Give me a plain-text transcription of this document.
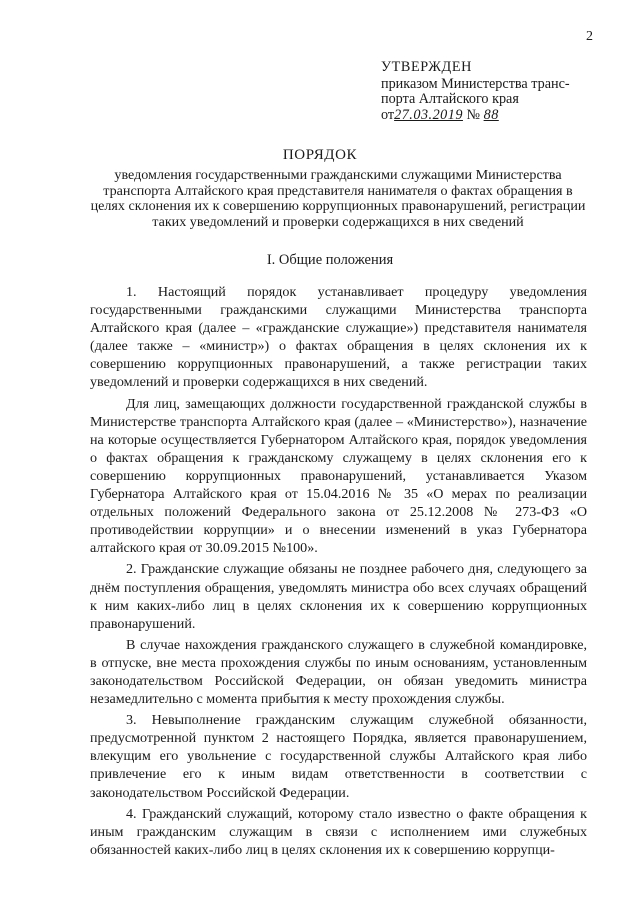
2
УТВЕРЖДЕН
приказом Министерства транс-
порта Алтайского края
от27.03.2019 № 88
ПОРЯДОК
уведомления государственными гражданскими служащими Министерства транспорта Алтайского края представителя нанимателя о фактах обращения в целях склонения их к совершению коррупционных правонарушений, регистрации таких уведомлений и проверки содержащихся в них сведений
I. Общие положения

1. Настоящий порядок устанавливает процедуру уведомления государственными гражданскими служащими Министерства транспорта Алтайского края (далее – «гражданские служащие») представителя нанимателя (далее также – «министр») о фактах обращения в целях склонения их к совершению коррупционных правонарушений, а также регистрации таких уведомлений и проверки содержащихся в них сведений.

Для лиц, замещающих должности государственной гражданской службы в Министерстве транспорта Алтайского края (далее – «Министерство»), назначение на которые осуществляется Губернатором Алтайского края, порядок уведомления о фактах обращения к гражданскому служащему в целях склонения его к совершению коррупционных правонарушений, устанавливается Указом Губернатора Алтайского края от 15.04.2016 № 35 «О мерах по реализации отдельных положений Федерального закона от 25.12.2008 № 273-ФЗ «О противодействии коррупции» и о внесении изменений в указ Губернатора алтайского края от 30.09.2015 №100».

2. Гражданские служащие обязаны не позднее рабочего дня, следующего за днём поступления обращения, уведомлять министра обо всех случаях обращений к ним каких-либо лиц в целях склонения их к совершению коррупционных правонарушений.

В случае нахождения гражданского служащего в служебной командировке, в отпуске, вне места прохождения службы по иным основаниям, установленным законодательством Российской Федерации, он обязан уведомить министра незамедлительно с момента прибытия к месту прохождения службы.

3. Невыполнение гражданским служащим служебной обязанности, предусмотренной пунктом 2 настоящего Порядка, является правонарушением, влекущим его увольнение с государственной службы Алтайского края либо привлечение его к иным видам ответственности в соответствии с законодательством Российской Федерации.

4. Гражданский служащий, которому стало известно о факте обращения к иным гражданским служащим в связи с исполнением ими служебных обязанностей каких-либо лиц в целях склонения их к совершению коррупци-
